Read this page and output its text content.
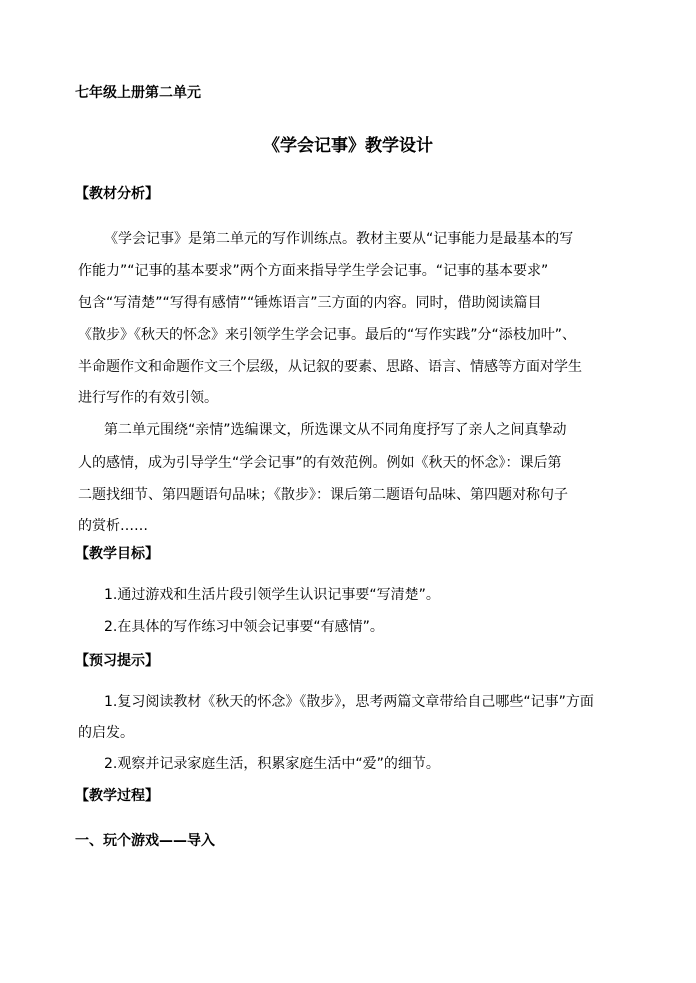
七年级上册第二单元
《学会记事》教学设计
【教材分析】
《学会记事》是第二单元的写作训练点。教材主要从“记事能力是最基本的写
作能力”“记事的基本要求”两个方面来指导学生学会记事。“记事的基本要求”
包含“写清楚”“写得有感情”“锤炼语言”三方面的内容。同时，借助阅读篇目
《散步》《秋天的怀念》来引领学生学会记事。最后的“写作实践”分“添枝加叶”、
半命题作文和命题作文三个层级，从记叙的要素、思路、语言、情感等方面对学生
进行写作的有效引领。
第二单元围绕“亲情”选编课文，所选课文从不同角度抒写了亲人之间真挚动
人的感情，成为引导学生“学会记事”的有效范例。例如《秋天的怀念》：课后第
二题找细节、第四题语句品味；《散步》：课后第二题语句品味、第四题对称句子
的赏析……
【教学目标】
1.通过游戏和生活片段引领学生认识记事要“写清楚”。
2.在具体的写作练习中领会记事要“有感情”。
【预习提示】
1.复习阅读教材《秋天的怀念》《散步》，思考两篇文章带给自己哪些“记事”方面
的启发。
2.观察并记录家庭生活，积累家庭生活中“爱”的细节。
【教学过程】
一、玩个游戏——导入
